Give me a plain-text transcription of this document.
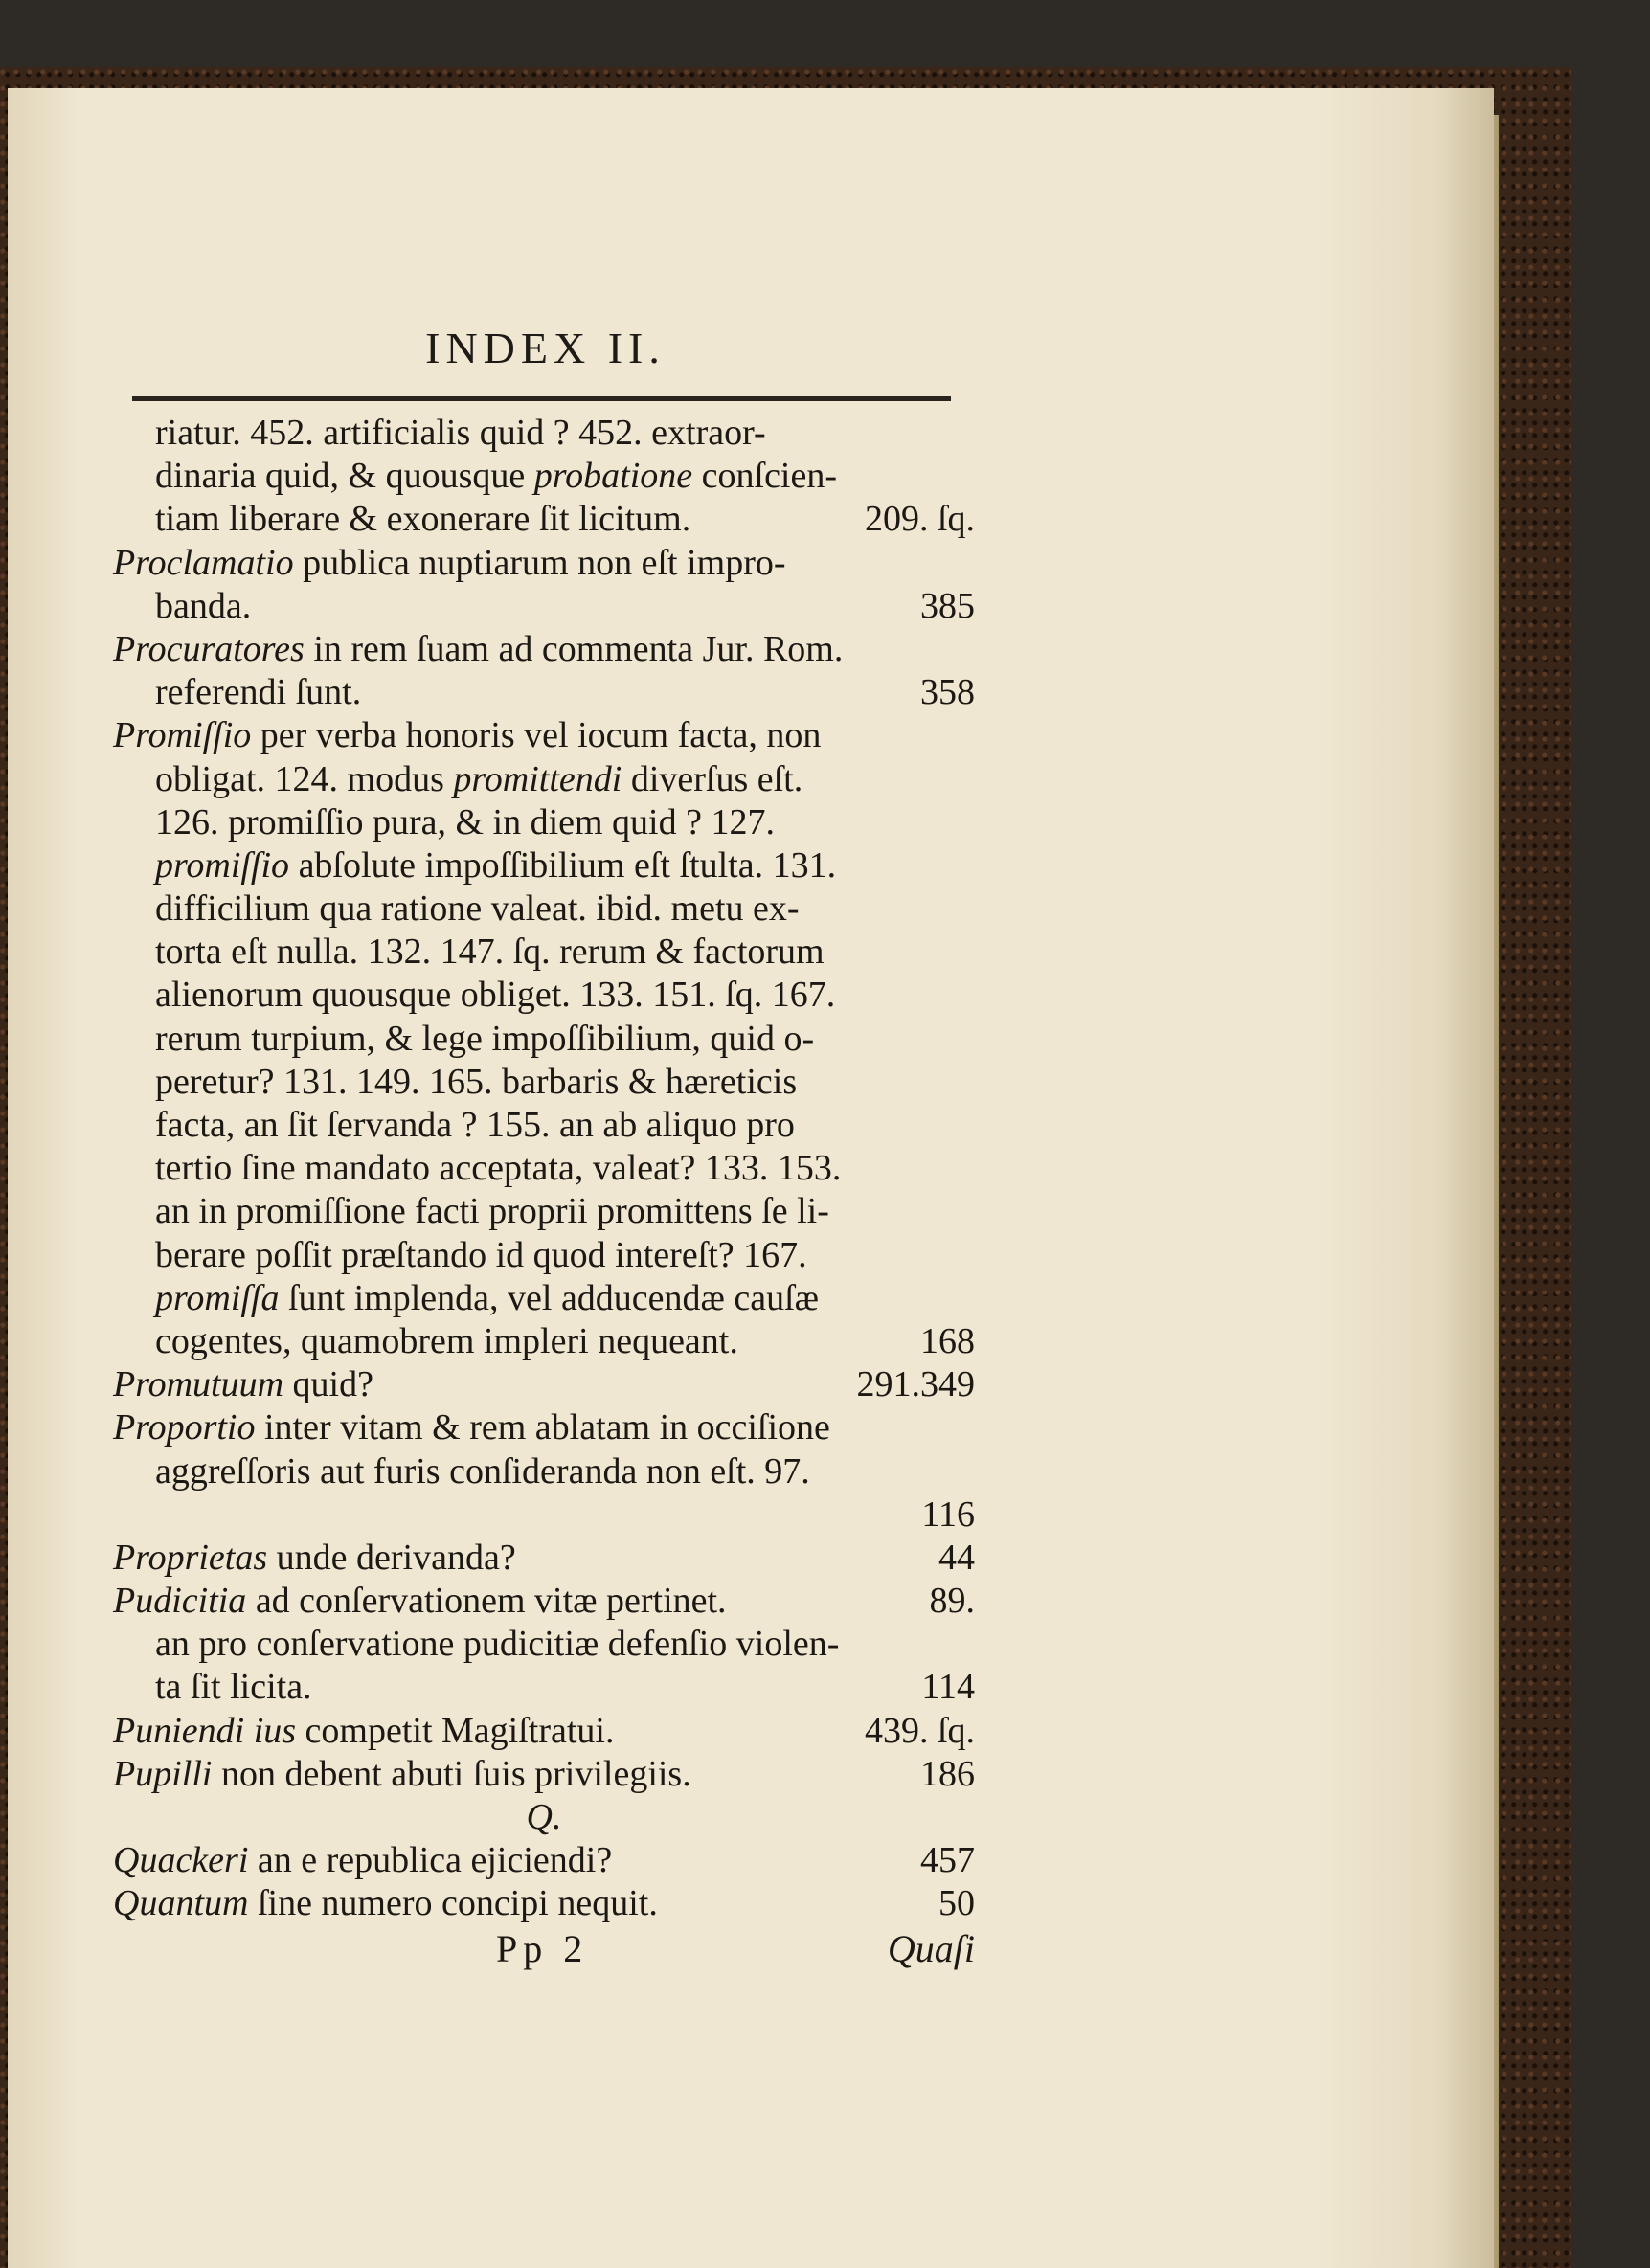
INDEX II.
riatur. 452. artificialis quid ? 452. extraor-
dinaria quid, & quousque probatione conſcien-
tiam liberare & exonerare ſit licitum.	209. ſq.
Proclamatio publica nuptiarum non eſt impro-
banda.	385
Procuratores in rem ſuam ad commenta Jur. Rom.
referendi ſunt.	358
Promiſſio per verba honoris vel iocum facta, non
obligat. 124. modus promittendi diverſus eſt.
126. promiſſio pura, & in diem quid ? 127.
promiſſio abſolute impoſſibilium eſt ſtulta. 131.
difficilium qua ratione valeat. ibid. metu ex-
torta eſt nulla. 132. 147. ſq. rerum & factorum
alienorum quousque obliget. 133. 151. ſq. 167.
rerum turpium, & lege impoſſibilium, quid o-
peretur? 131. 149. 165. barbaris & hæreticis
facta, an ſit ſervanda ? 155. an ab aliquo pro
tertio ſine mandato acceptata, valeat? 133. 153.
an in promiſſione facti proprii promittens ſe li-
berare poſſit præſtando id quod intereſt? 167.
promiſſa ſunt implenda, vel adducendæ cauſæ
cogentes, quamobrem impleri nequeant.	168
Promutuum quid?	291.349
Proportio inter vitam & rem ablatam in occiſione
aggreſſoris aut furis conſideranda non eſt. 97.
116
Proprietas unde derivanda?	44
Pudicitia ad conſervationem vitæ pertinet.	89.
an pro conſervatione pudicitiæ defenſio violen-
ta ſit licita.	114
Puniendi ius competit Magiſtratui.	439. ſq.
Pupilli non debent abuti ſuis privilegiis.	186
Q.
Quackeri an e republica ejiciendi?	457
Quantum ſine numero concipi nequit.	50
Pp 2	Quaſi
